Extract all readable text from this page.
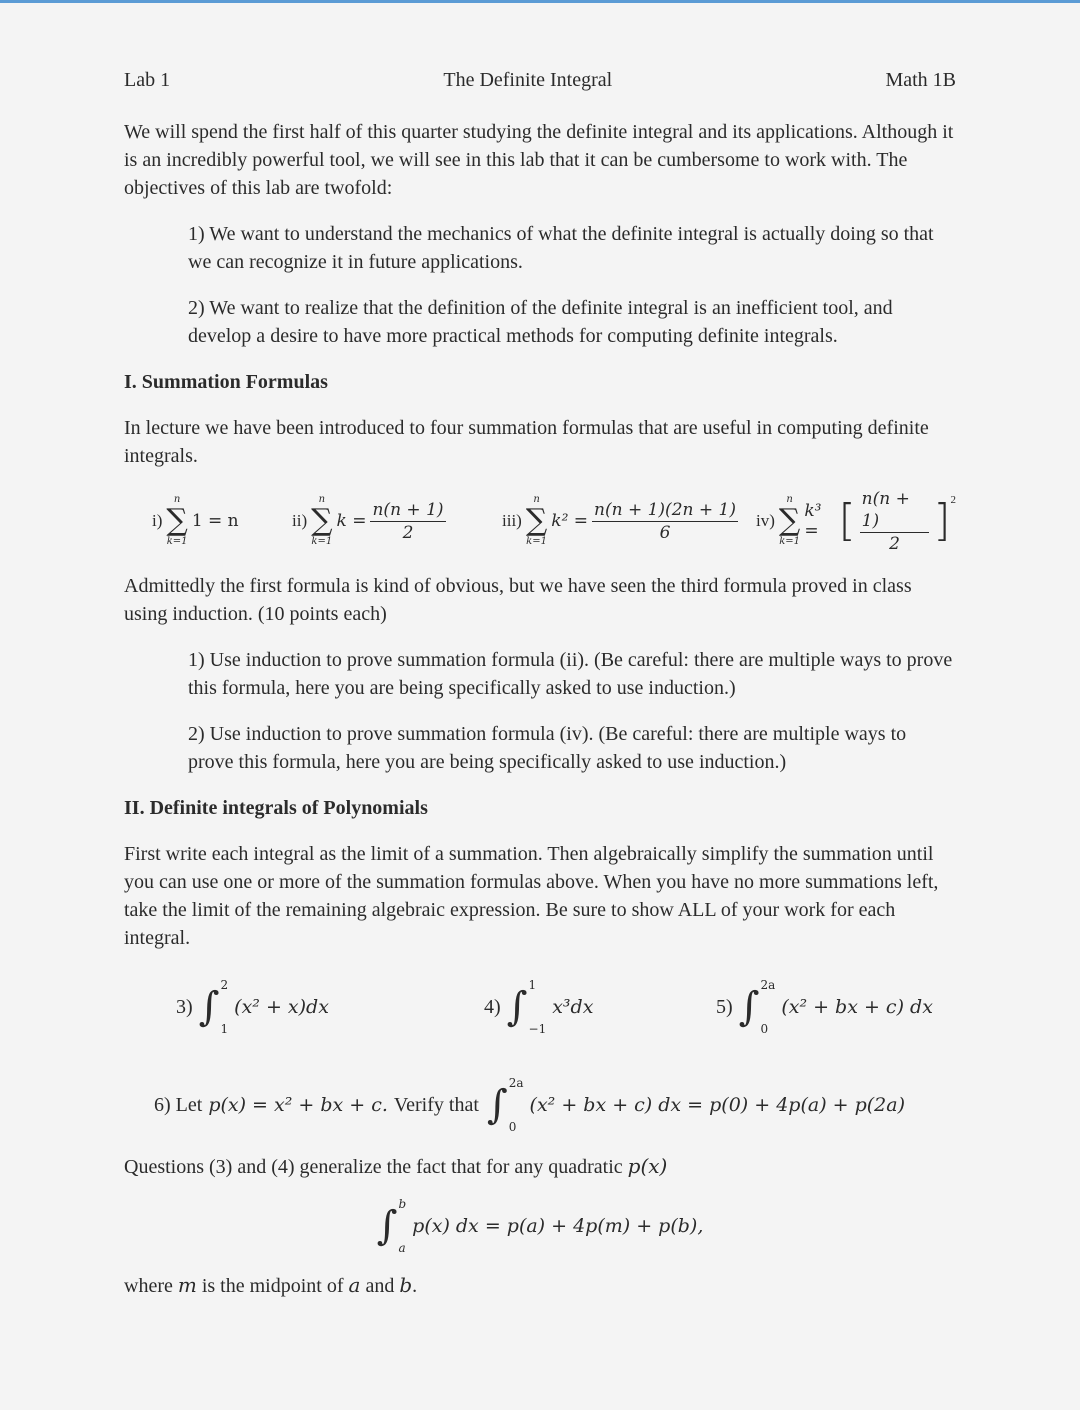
Lab 1	The Definite Integral	Math 1B

We will spend the first half of this quarter studying the definite integral and its applications. Although it is an incredibly powerful tool, we will see in this lab that it can be cumbersome to work with. The objectives of this lab are twofold:

1) We want to understand the mechanics of what the definite integral is actually doing so that we can recognize it in future applications.
2) We want to realize that the definition of the definite integral is an inefficient tool, and develop a desire to have more practical methods for computing definite integrals.
I. Summation Formulas

In lecture we have been introduced to four summation formulas that are useful in computing definite integrals.

i)
n
∑
k=1
1 = n	ii)
n
∑
k=1
$k = \frac{n(n + 1)}{2}$	iii)
n
∑
k=1
$k^2 = \frac{n(n + 1)(2n + 1)}{6} iv$)
n
∑
k=1
k³ = [ $\frac{n(n + 1)}{2}$ ] 2

Admittedly the first formula is kind of obvious, but we have seen the third formula proved in class using induction. (10 points each)

1) Use induction to prove summation formula (ii). (Be careful: there are multiple ways to prove this formula, here you are being specifically asked to use induction.)
2) Use induction to prove summation formula (iv). (Be careful: there are multiple ways to prove this formula, here you are being specifically asked to use induction.)
II. Definite integrals of Polynomials

First write each integral as the limit of a summation. Then algebraically simplify the summation until you can use one or more of the summation formulas above. When you have no more summations left, take the limit of the remaining algebraic expression. Be sure to show ALL of your work for each integral.

3) ∫ 2
1
(x² + x)dx	4) ∫ 1
−1
x³dx	5) ∫ 2a
0
(x² + bx + c) dx
6) Let p(x) = x² + bx + c. Verify that ∫ 2a
0
(x² + bx + c) dx = p(0) + 4p(a) + p(2a)

Questions (3) and (4) generalize the fact that for any quadratic p(x)

∫ b
a
p(x) dx = p(a) + 4p(m) + p(b),

where m is the midpoint of a and b.
